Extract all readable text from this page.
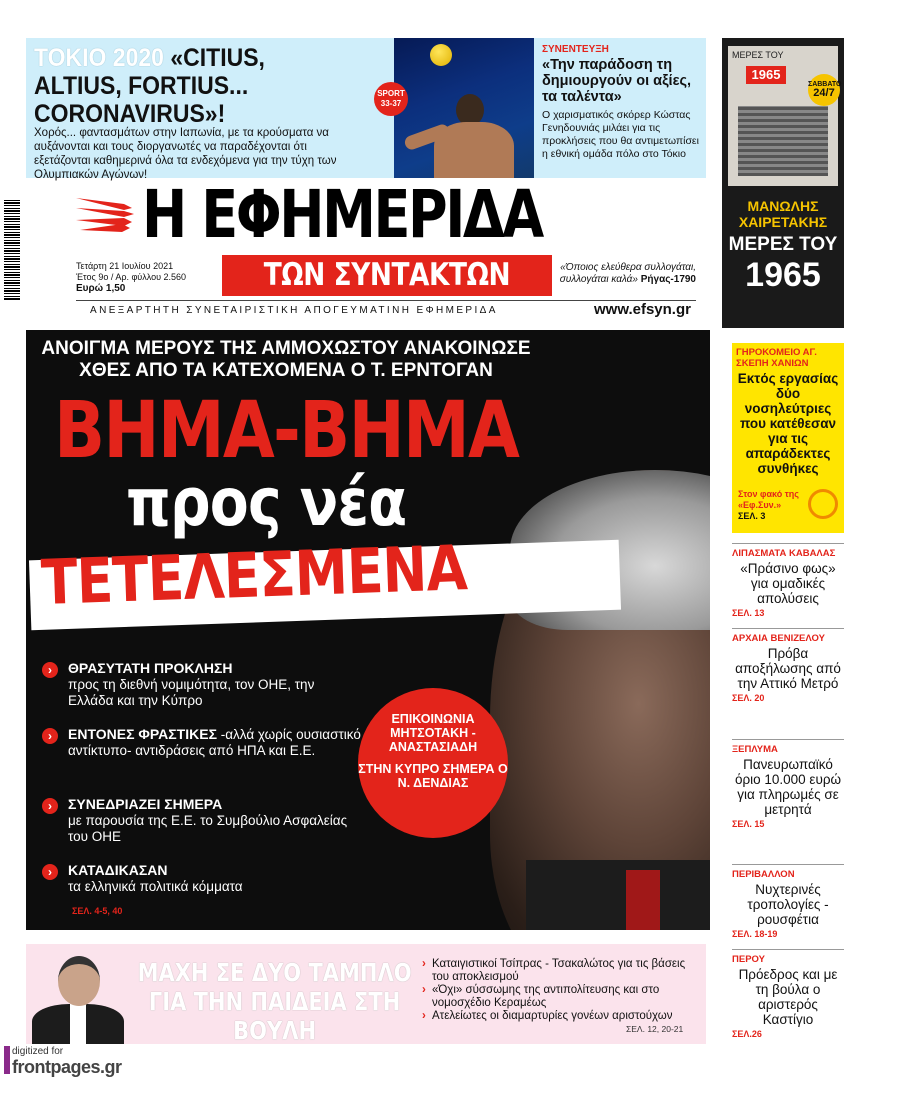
ΤΟΚΙΟ 2020 «CITIUS, ALTIUS, FORTIUS... CORONAVIRUS»!
Χορός... φαντασμάτων στην Ιαπωνία, με τα κρούσματα να αυξάνονται και τους διοργανωτές να παραδέχονται ότι εξετάζονται καθημερινά όλα τα ενδεχόμενα για την τύχη των Ολυμπιακών Αγώνων!
SPORT
33-37
ΣΥΝΕΝΤΕΥΞΗ
«Την παράδοση τη δημιουργούν οι αξίες, τα ταλέντα»
Ο χαρισματικός σκόρερ Κώστας Γενηδουνιάς μιλάει για τις προκλήσεις που θα αντιμετωπίσει η εθνική ομάδα πόλο στο Τόκιο
Η ΕΦΗΜΕΡΙΔΑ
Τετάρτη 21 Ιουλίου 2021
Έτος 9ο / Αρ. φύλλου 2.560
Ευρώ 1,50	ΤΩΝ ΣΥΝΤΑΚΤΩΝ	«Όποιος ελεύθερα συλλογάται, συλλογάται καλά» Ρήγας-1790
ΑΝΕΞΑΡΤΗΤΗ ΣΥΝΕΤΑΙΡΙΣΤΙΚΗ ΑΠΟΓΕΥΜΑΤΙΝΗ ΕΦΗΜΕΡΙΔΑ	www.efsyn.gr
ΜΕΡΕΣ ΤΟΥ
1965
ΣΑΒΒΑΤΟ
24/7
ΜΑΝΩΛΗΣ ΧΑΙΡΕΤΑΚΗΣ
ΜΕΡΕΣ ΤΟΥ
1965
ΓΗΡΟΚΟΜΕΙΟ ΑΓ. ΣΚΕΠΗ ΧΑΝΙΩΝ
Εκτός εργασίας δύο νοσηλεύτριες που κατέθεσαν για τις απαράδεκτες συνθήκες
Στον φακό της «Εφ.Συν.»
ΣΕΛ. 3
ΛΙΠΑΣΜΑΤΑ ΚΑΒΑΛΑΣ
«Πράσινο φως» για ομαδικές απολύσεις
ΣΕΛ. 13
ΑΡΧΑΙΑ ΒΕΝΙΖΕΛΟΥ
Πρόβα αποξήλωσης από την Αττικό Μετρό
ΣΕΛ. 20
ΞΕΠΛΥΜΑ
Πανευρωπαϊκό όριο 10.000 ευρώ για πληρωμές σε μετρητά
ΣΕΛ. 15
ΠΕΡΙΒΑΛΛΟΝ
Νυχτερινές τροπολογίες - ρουσφέτια
ΣΕΛ. 18-19
ΠΕΡΟΥ
Πρόεδρος και με τη βούλα ο αριστερός Καστίγιο
ΣΕΛ.26
ΑΝΟΙΓΜΑ ΜΕΡΟΥΣ ΤΗΣ ΑΜΜΟΧΩΣΤΟΥ ΑΝΑΚΟΙΝΩΣΕ ΧΘΕΣ ΑΠΟ ΤΑ ΚΑΤΕΧΟΜΕΝΑ Ο Τ. ΕΡΝΤΟΓΑΝ
ΒΗΜΑ-ΒΗΜΑ
προς νέα
ΤΕΤΕΛΕΣΜΕΝΑ
›	ΘΡΑΣΥΤΑΤΗ ΠΡΟΚΛΗΣΗ
προς τη διεθνή νομιμότητα, τον ΟΗΕ, την Ελλάδα και την Κύπρο
›	ΕΝΤΟΝΕΣ ΦΡΑΣΤΙΚΕΣ -αλλά χωρίς ουσιαστικό αντίκτυπο- αντιδράσεις από ΗΠΑ και Ε.Ε.
›	ΣΥΝΕΔΡΙΑΖΕΙ ΣΗΜΕΡΑ
με παρουσία της Ε.Ε. το Συμβούλιο Ασφαλείας του ΟΗΕ
›	ΚΑΤΑΔΙΚΑΣΑΝ
τα ελληνικά πολιτικά κόμματα
ΣΕΛ. 4-5, 40
ΕΠΙΚΟΙΝΩΝΙΑ ΜΗΤΣΟΤΑΚΗ - ΑΝΑΣΤΑΣΙΑΔΗ
ΣΤΗΝ ΚΥΠΡΟ ΣΗΜΕΡΑ Ο Ν. ΔΕΝΔΙΑΣ
ΜΑΧΗ ΣΕ ΔΥΟ ΤΑΜΠΛΟ ΓΙΑ ΤΗΝ ΠΑΙΔΕΙΑ ΣΤΗ ΒΟΥΛΗ
› Καταιγιστικοί Τσίπρας - Τσακαλώτος για τις βάσεις του αποκλεισμού
› «Όχι» σύσσωμης της αντιπολίτευσης και στο νομοσχέδιο Κεραμέως
› Ατελείωτες οι διαμαρτυρίες γονέων αριστούχων
ΣΕΛ. 12, 20-21
digitized for
frontpages.gr
